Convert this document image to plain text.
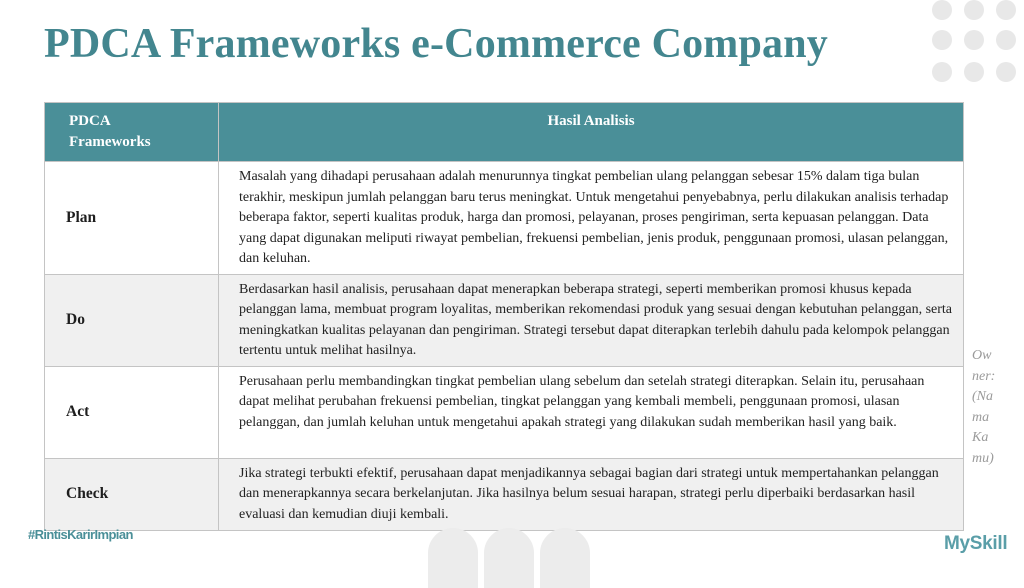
PDCA Frameworks e-Commerce Company
PDCA Frameworks	Hasil Analisis
Plan	Masalah yang dihadapi perusahaan adalah menurunnya tingkat pembelian ulang pelanggan sebesar 15% dalam tiga bulan terakhir, meskipun jumlah pelanggan baru terus meningkat. Untuk mengetahui penyebabnya, perlu dilakukan analisis terhadap beberapa faktor, seperti kualitas produk, harga dan promosi, pelayanan, proses pengiriman, serta kepuasan pelanggan. Data yang dapat digunakan meliputi riwayat pembelian, frekuensi pembelian, jenis produk, penggunaan promosi, ulasan pelanggan, dan keluhan.
Do	Berdasarkan hasil analisis, perusahaan dapat menerapkan beberapa strategi, seperti memberikan promosi khusus kepada pelanggan lama, membuat program loyalitas, memberikan rekomendasi produk yang sesuai dengan kebutuhan pelanggan, serta meningkatkan kualitas pelayanan dan pengiriman. Strategi tersebut dapat diterapkan terlebih dahulu pada kelompok pelanggan tertentu untuk melihat hasilnya.
Act	Perusahaan perlu membandingkan tingkat pembelian ulang sebelum dan setelah strategi diterapkan. Selain itu, perusahaan dapat melihat perubahan frekuensi pembelian, tingkat pelanggan yang kembali membeli, penggunaan promosi, ulasan pelanggan, dan jumlah keluhan untuk mengetahui apakah strategi yang dilakukan sudah memberikan hasil yang baik.
Check	Jika strategi terbukti efektif, perusahaan dapat menjadikannya sebagai bagian dari strategi untuk mempertahankan pelanggan dan menerapkannya secara berkelanjutan. Jika hasilnya belum sesuai harapan, strategi perlu diperbaiki berdasarkan hasil evaluasi dan kemudian diuji kembali.
Owner: (Nama Kamu)
#RintisKarirImpian	MySkill
